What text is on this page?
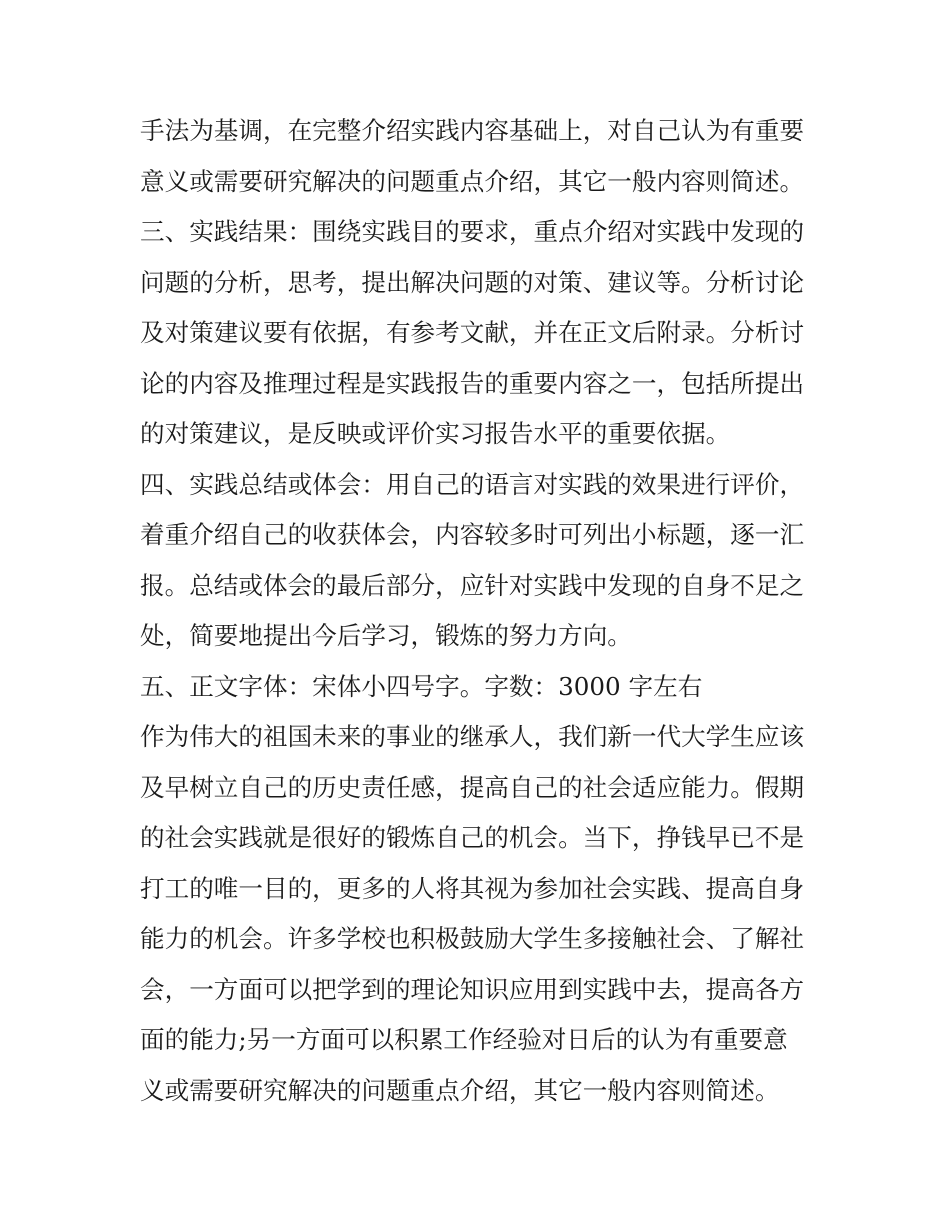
手法为基调，在完整介绍实践内容基础上，对自己认为有重要
意义或需要研究解决的问题重点介绍，其它一般内容则简述。
三、实践结果：围绕实践目的要求，重点介绍对实践中发现的
问题的分析，思考，提出解决问题的对策、建议等。分析讨论
及对策建议要有依据，有参考文献，并在正文后附录。分析讨
论的内容及推理过程是实践报告的重要内容之一，包括所提出
的对策建议，是反映或评价实习报告水平的重要依据。
四、实践总结或体会：用自己的语言对实践的效果进行评价，
着重介绍自己的收获体会，内容较多时可列出小标题，逐一汇
报。总结或体会的最后部分，应针对实践中发现的自身不足之
处，简要地提出今后学习，锻炼的努力方向。
五、正文字体：宋体小四号字。字数：3000 字左右
作为伟大的祖国未来的事业的继承人，我们新一代大学生应该
及早树立自己的历史责任感，提高自己的社会适应能力。假期
的社会实践就是很好的锻炼自己的机会。当下，挣钱早已不是
打工的唯一目的，更多的人将其视为参加社会实践、提高自身
能力的机会。许多学校也积极鼓励大学生多接触社会、了解社
会，一方面可以把学到的理论知识应用到实践中去，提高各方
面的能力;另一方面可以积累工作经验对日后的认为有重要意
义或需要研究解决的问题重点介绍，其它一般内容则简述。
